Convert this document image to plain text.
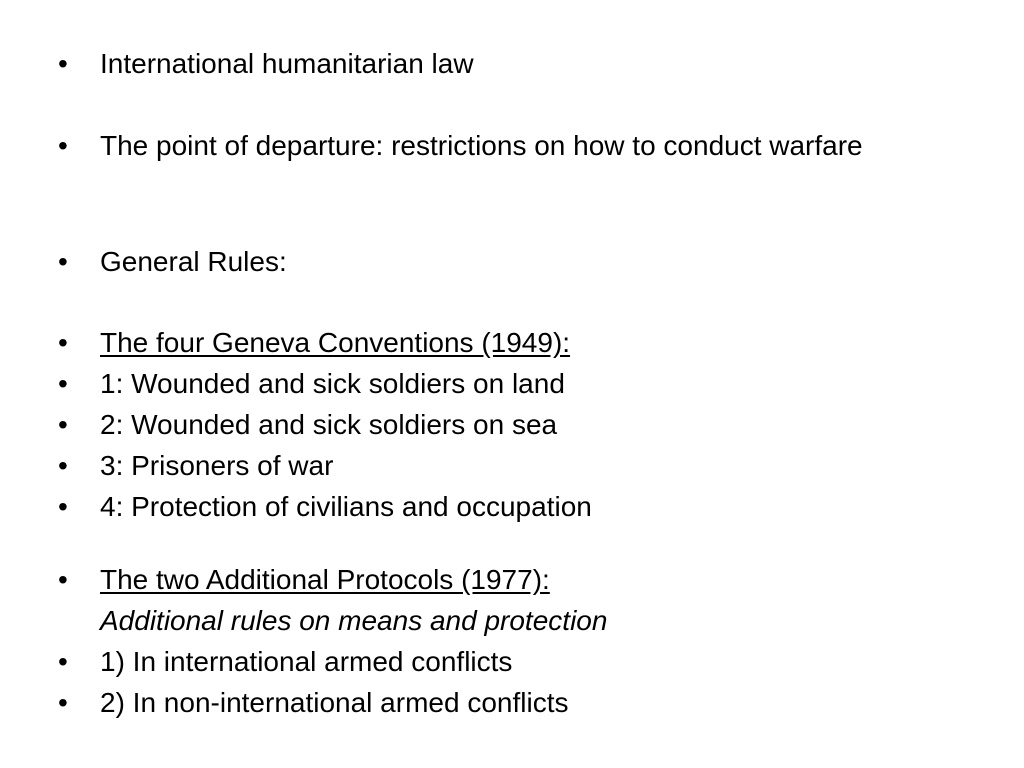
•	International humanitarian law
•	The point of departure: restrictions on how to conduct warfare
•	General Rules:
•	The four Geneva Conventions (1949):
•	1: Wounded and sick soldiers on land
•	2: Wounded and sick soldiers on sea
•	3: Prisoners of war
•	4: Protection of civilians and occupation
•	The two Additional Protocols (1977):
Additional rules on means and protection
•	1) In international armed conflicts
•	2) In non-international armed conflicts
